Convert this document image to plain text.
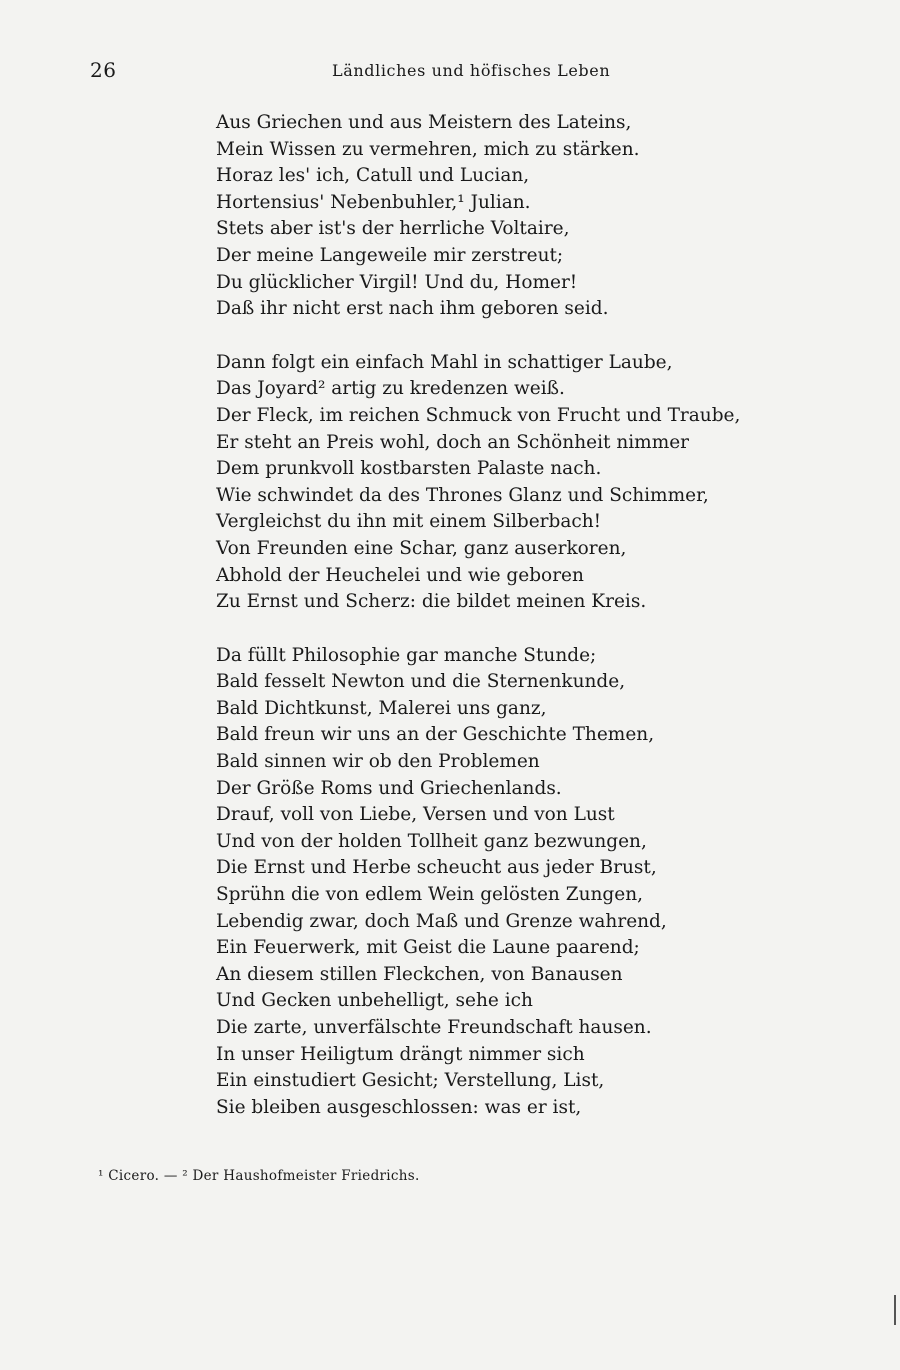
26	Ländliches und höfisches Leben
Aus Griechen und aus Meistern des Lateins,
Mein Wissen zu vermehren, mich zu stärken.
Horaz les' ich, Catull und Lucian,
Hortensius' Nebenbuhler,¹ Julian.
Stets aber ist's der herrliche Voltaire,
Der meine Langeweile mir zerstreut;
Du glücklicher Virgil! Und du, Homer!
Daß ihr nicht erst nach ihm geboren seid.
Dann folgt ein einfach Mahl in schattiger Laube,
Das Joyard² artig zu kredenzen weiß.
Der Fleck, im reichen Schmuck von Frucht und Traube,
Er steht an Preis wohl, doch an Schönheit nimmer
Dem prunkvoll kostbarsten Palaste nach.
Wie schwindet da des Thrones Glanz und Schimmer,
Vergleichst du ihn mit einem Silberbach!
Von Freunden eine Schar, ganz auserkoren,
Abhold der Heuchelei und wie geboren
Zu Ernst und Scherz: die bildet meinen Kreis.
Da füllt Philosophie gar manche Stunde;
Bald fesselt Newton und die Sternenkunde,
Bald Dichtkunst, Malerei uns ganz,
Bald freun wir uns an der Geschichte Themen,
Bald sinnen wir ob den Problemen
Der Größe Roms und Griechenlands.
Drauf, voll von Liebe, Versen und von Lust
Und von der holden Tollheit ganz bezwungen,
Die Ernst und Herbe scheucht aus jeder Brust,
Sprühn die von edlem Wein gelösten Zungen,
Lebendig zwar, doch Maß und Grenze wahrend,
Ein Feuerwerk, mit Geist die Laune paarend;
An diesem stillen Fleckchen, von Banausen
Und Gecken unbehelligt, sehe ich
Die zarte, unverfälschte Freundschaft hausen.
In unser Heiligtum drängt nimmer sich
Ein einstudiert Gesicht; Verstellung, List,
Sie bleiben ausgeschlossen: was er ist,
¹ Cicero. — ² Der Haushofmeister Friedrichs.
